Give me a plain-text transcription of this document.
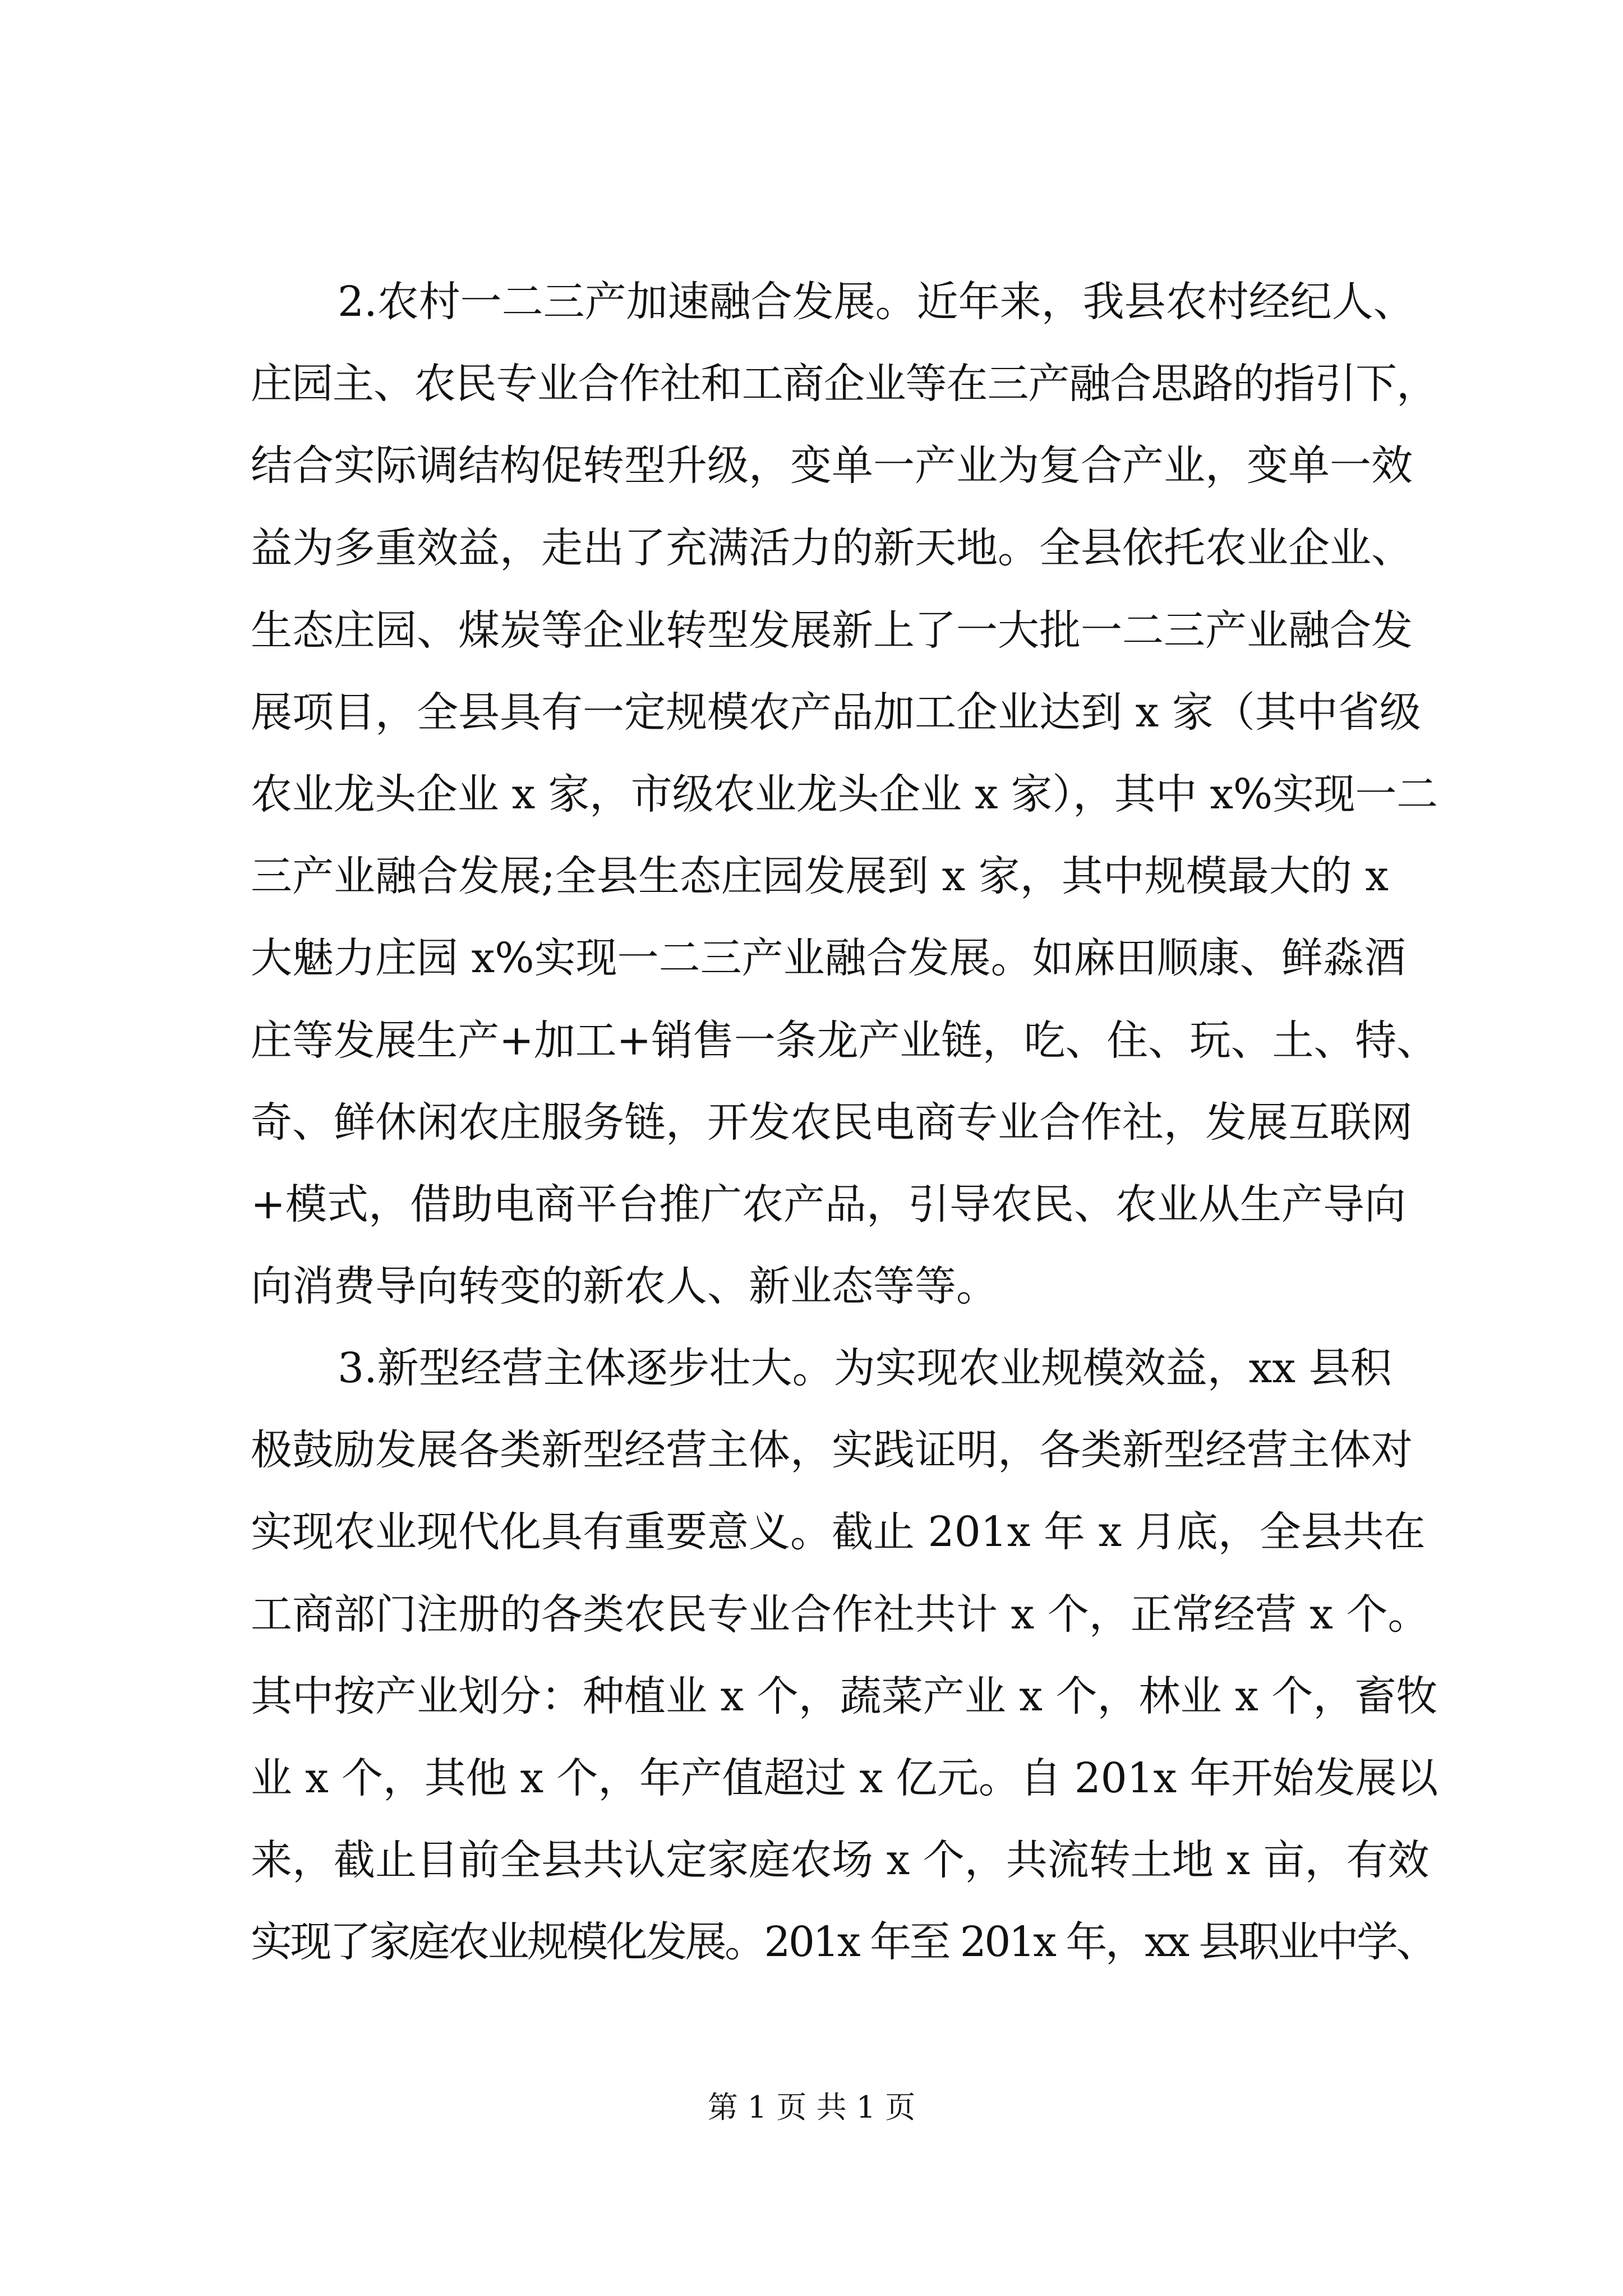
2.农村一二三产加速融合发展。近年来，我县农村经纪人、
庄园主、农民专业合作社和工商企业等在三产融合思路的指引下，
结合实际调结构促转型升级，变单一产业为复合产业，变单一效
益为多重效益，走出了充满活力的新天地。全县依托农业企业、
生态庄园、煤炭等企业转型发展新上了一大批一二三产业融合发
展项目，全县具有一定规模农产品加工企业达到 x 家（其中省级
农业龙头企业 x 家，市级农业龙头企业 x 家），其中 x%实现一二
三产业融合发展;全县生态庄园发展到 x 家，其中规模最大的 x
大魅力庄园 x%实现一二三产业融合发展。如麻田顺康、鲜淼酒
庄等发展生产+加工+销售一条龙产业链，吃、住、玩、土、特、
奇、鲜休闲农庄服务链，开发农民电商专业合作社，发展互联网
+模式，借助电商平台推广农产品，引导农民、农业从生产导向
向消费导向转变的新农人、新业态等等。
3.新型经营主体逐步壮大。为实现农业规模效益，xx 县积
极鼓励发展各类新型经营主体，实践证明，各类新型经营主体对
实现农业现代化具有重要意义。截止 201x 年 x 月底，全县共在
工商部门注册的各类农民专业合作社共计 x 个，正常经营 x 个。
其中按产业划分：种植业 x 个，蔬菜产业 x 个，林业 x 个，畜牧
业 x 个，其他 x 个，年产值超过 x 亿元。自 201x 年开始发展以
来，截止目前全县共认定家庭农场 x 个，共流转土地 x 亩，有效
实现了家庭农业规模化发展。201x 年至 201x 年，xx 县职业中学、
第 1 页 共 1 页
